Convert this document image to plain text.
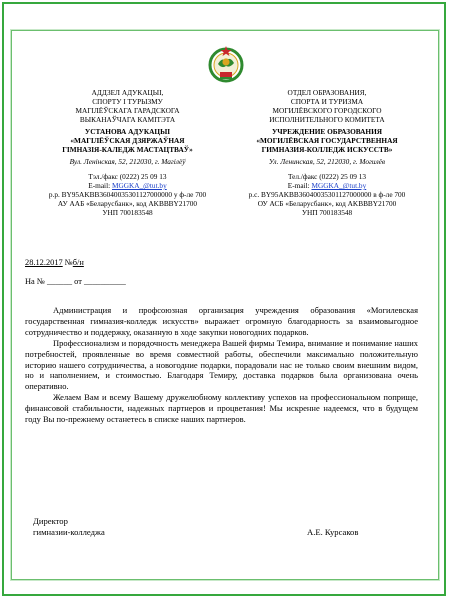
АДДЗЕЛ АДУКАЦЫІ,
СПОРТУ І ТУРЫЗМУ
МАГІЛЁЎСКАГА ГАРАДСКОГА
ВЫКАНАЎЧАГА КАМІТЭТА
УСТАНОВА АДУКАЦЫІ
«МАГІЛЁЎСКАЯ ДЗЯРЖАЎНАЯ
ГІМНАЗІЯ-КАЛЕДЖ МАСТАЦТВАЎ»
Вул. Ленінская, 52, 212030, г. Магілёў
Тэл./факс (0222) 25 09 13
E-mail: MGGKA_@tut.by
р.р. BY95AKBB36040035301127000000 у ф-ле 700
АУ ААБ «Беларусбанк», код AKBBBY21700
УНП 700183548
ОТДЕЛ ОБРАЗОВАНИЯ,
СПОРТА И ТУРИЗМА
МОГИЛЁВСКОГО ГОРОДСКОГО
ИСПОЛНИТЕЛЬНОГО КОМИТЕТА
УЧРЕЖДЕНИЕ ОБРАЗОВАНИЯ
«МОГИЛЁВСКАЯ ГОСУДАРСТВЕННАЯ
ГИМНАЗИЯ-КОЛЛЕДЖ ИСКУССТВ»
Ул. Ленинская, 52, 212030, г. Могилёв
Тел./факс (0222) 25 09 13
E-mail: MGGKA_@tut.by
р.с. BY95AKBB36040035301127000000 в ф-ле 700
ОУ АСБ «Беларусбанк», код AKBBBY21700
УНП 700183548
28.12.2017 №б/н
На № ______ от __________

Администрация и профсоюзная организация учреждения образования «Могилевская государственная гимназия-колледж искусств» выражает огромную благодарность за взаимовыгодное сотрудничество и поддержку, оказанную в ходе закупки новогодних подарков.

Профессионализм и порядочность менеджера Вашей фирмы Темира, внимание и понимание наших потребностей, проявленные во время совместной работы, обеспечили максимально положительную историю нашего сотрудничества, а новогодние подарки, порадовали нас не только своим внешним видом, но и наполнением, и стоимостью. Благодаря Темиру, доставка подарков была организована очень оперативно.

Желаем Вам и всему Вашему дружелюбному коллективу успехов на профессиональном поприще, финансовой стабильности, надежных партнеров и процветания! Мы искренне надеемся, что в будущем году Вы по-прежнему останетесь в списке наших партнеров.

Директор
гимназии-колледжа	А.Е. Курсаков
